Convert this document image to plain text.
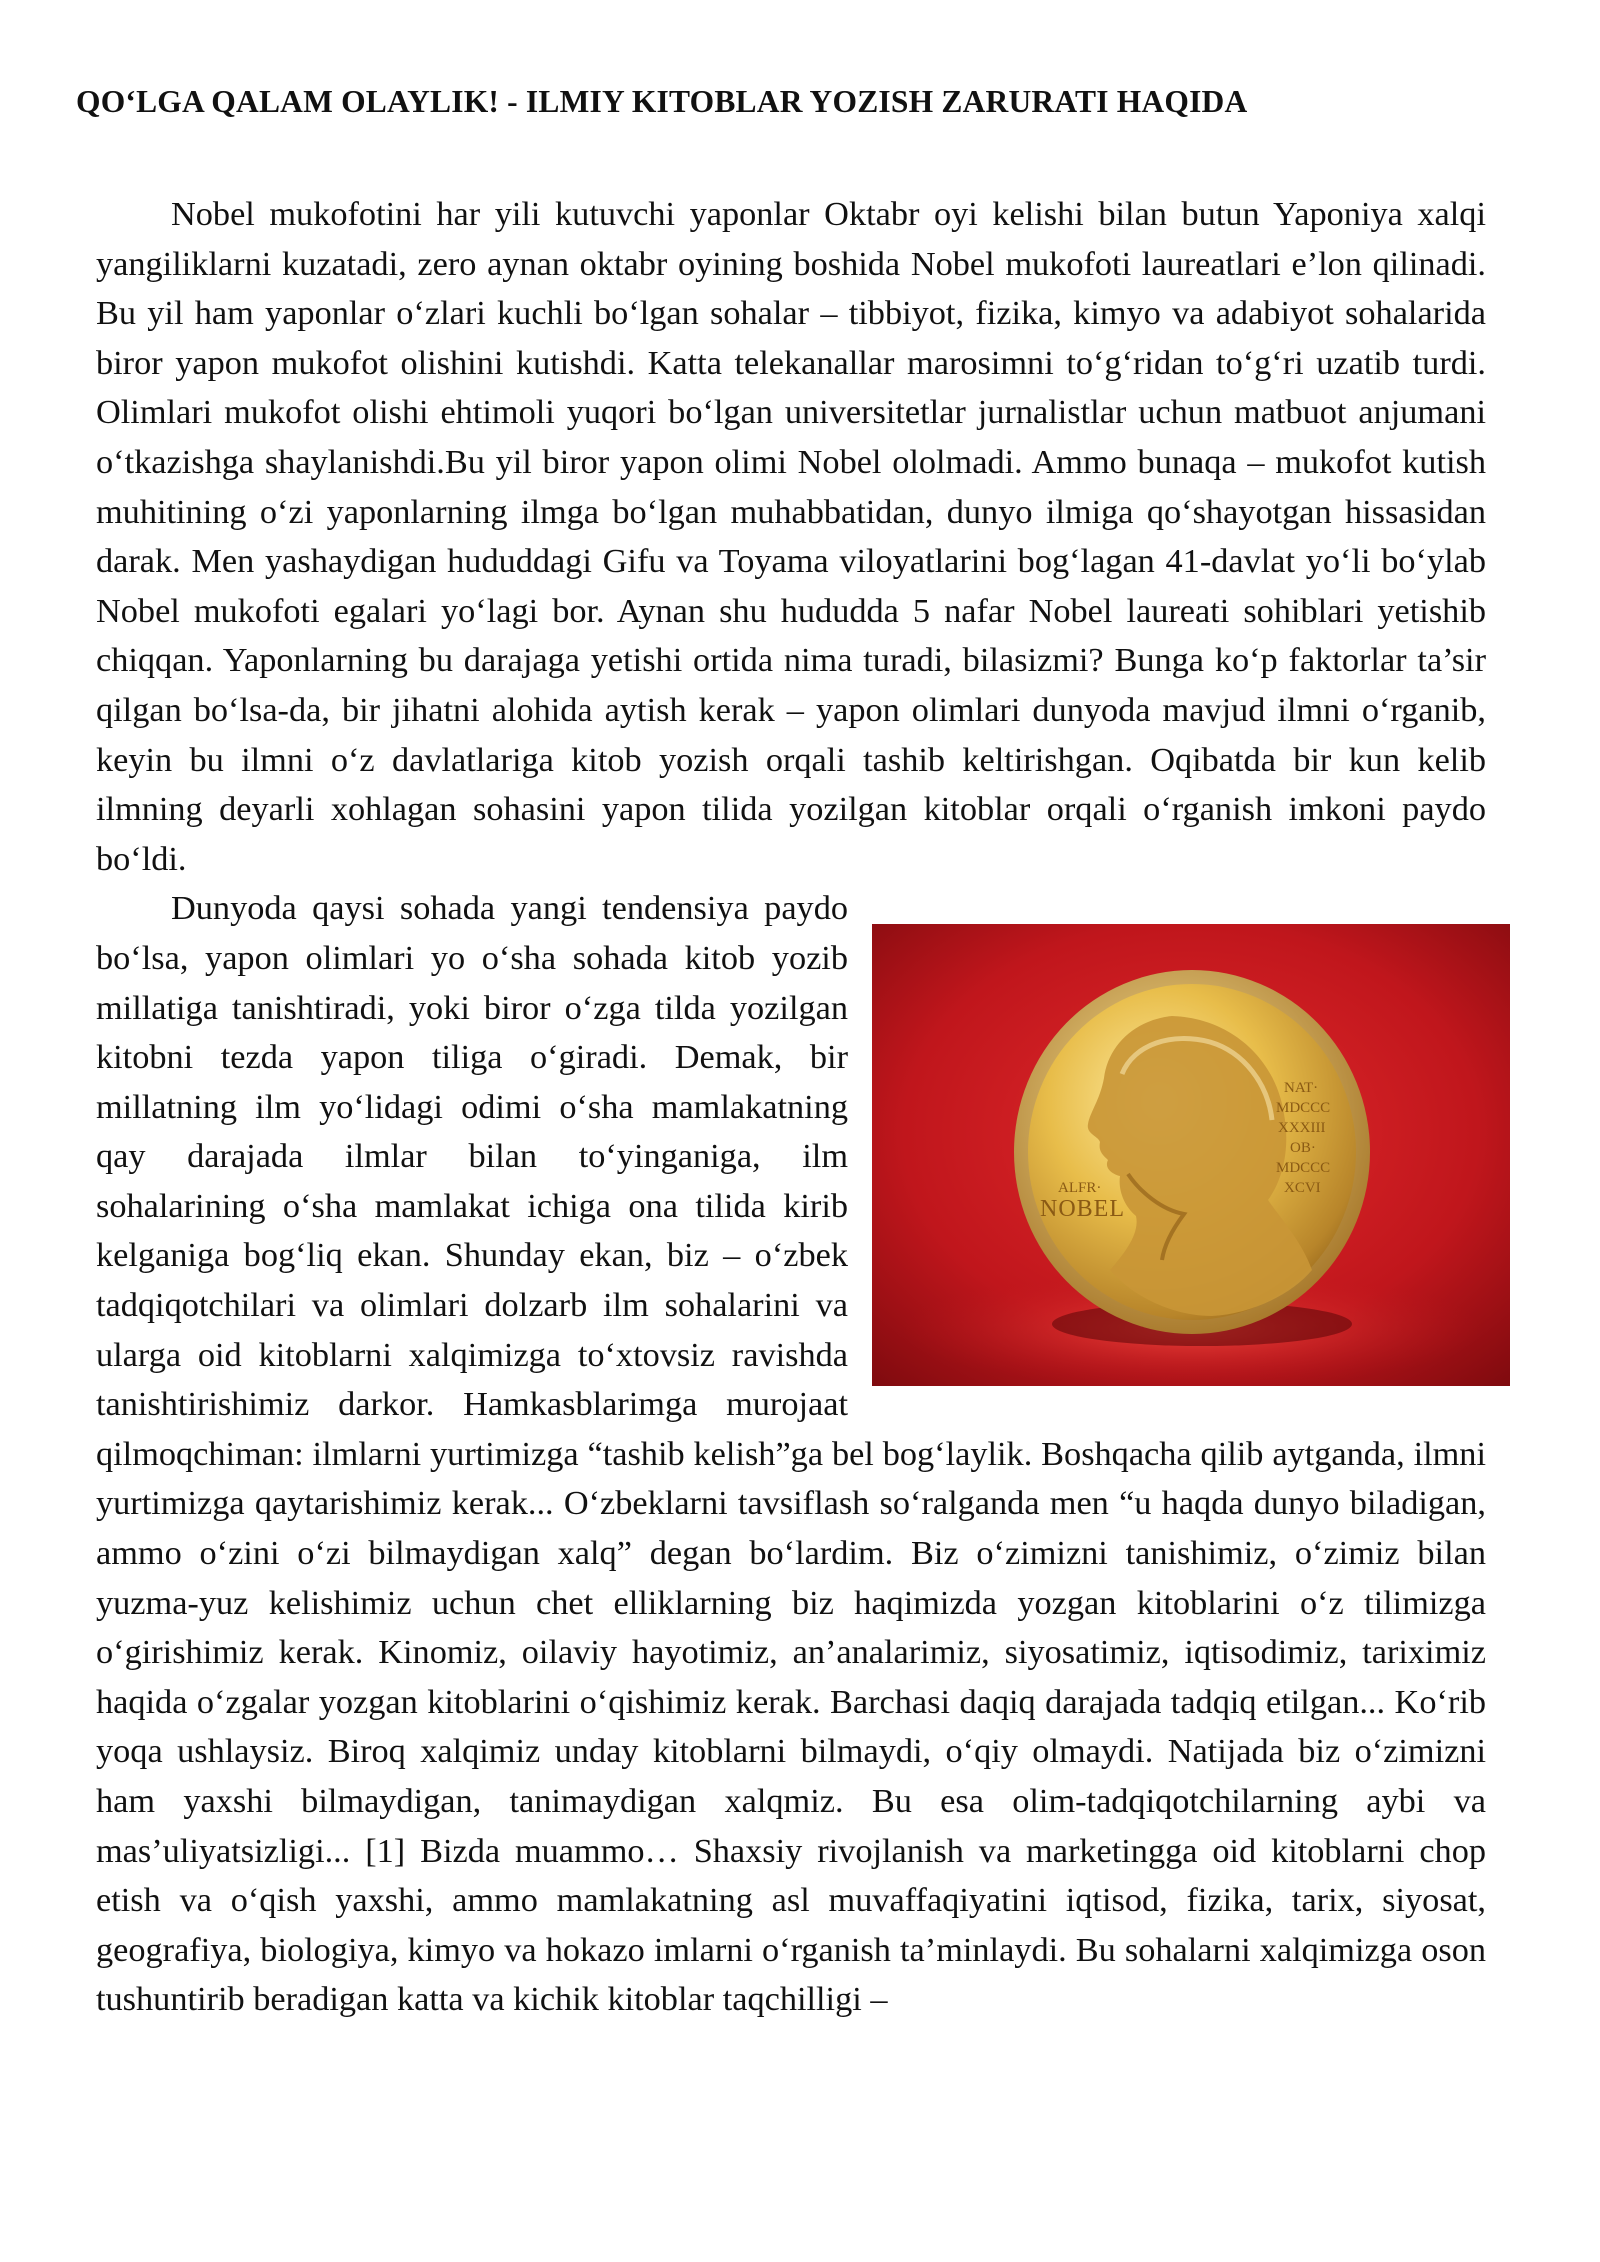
QO‘LGA QALAM OLAYLIK! - ILMIY KITOBLAR YOZISH ZARURATI HAQIDA

Nobel mukofotini har yili kutuvchi yaponlar Oktabr oyi kelishi bilan butun Yaponiya xalqi yangiliklarni kuzatadi, zero aynan oktabr oyining boshida Nobel mukofoti laureatlari e’lon qilinadi. Bu yil ham yaponlar o‘zlari kuchli bo‘lgan sohalar – tibbiyot, fizika, kimyo va adabiyot sohalarida biror yapon mukofot olishini kutishdi. Katta telekanallar marosimni to‘g‘ridan to‘g‘ri uzatib turdi. Olimlari mukofot olishi ehtimoli yuqori bo‘lgan universitetlar jurnalistlar uchun matbuot anjumani o‘tkazishga shaylanishdi.Bu yil biror yapon olimi Nobel ololmadi. Ammo bunaqa – mukofot kutish muhitining o‘zi yaponlarning ilmga bo‘lgan muhabbatidan, dunyo ilmiga qo‘shayotgan hissasidan darak. Men yashaydigan hududdagi Gifu va Toyama viloyatlarini bog‘lagan 41-davlat yo‘li bo‘ylab Nobel mukofoti egalari yo‘lagi bor. Aynan shu hududda 5 nafar Nobel laureati sohiblari yetishib chiqqan. Yaponlarning bu darajaga yetishi ortida nima turadi, bilasizmi? Bunga ko‘p faktorlar ta’sir qilgan bo‘lsa-da, bir jihatni alohida aytish kerak – yapon olimlari dunyoda mavjud ilmni o‘rganib, keyin bu ilmni o‘z davlatlariga kitob yozish orqali tashib keltirishgan. Oqibatda bir kun kelib ilmning deyarli xohlagan sohasini yapon tilida yozilgan kitoblar orqali o‘rganish imkoni paydo bo‘ldi.

ALFR·
NOBEL
NAT·
MDCCC
XXXIII
OB·
MDCCC
XCVI

Dunyoda qaysi sohada yangi tendensiya paydo bo‘lsa, yapon olimlari yo o‘sha sohada kitob yozib millatiga tanishtiradi, yoki biror o‘zga tilda yozilgan kitobni tezda yapon tiliga o‘giradi. Demak, bir millatning ilm yo‘lidagi odimi o‘sha mamlakatning qay darajada ilmlar bilan to‘yinganiga, ilm sohalarining o‘sha mamlakat ichiga ona tilida kirib kelganiga bog‘liq ekan. Shunday ekan, biz – o‘zbek tadqiqotchilari va olimlari dolzarb ilm sohalarini va ularga oid kitoblarni xalqimizga to‘xtovsiz ravishda tanishtirishimiz darkor. Hamkasblarimga murojaat qilmoqchiman: ilmlarni yurtimizga “tashib kelish”ga bel bog‘laylik. Boshqacha qilib aytganda, ilmni yurtimizga qaytarishimiz kerak... O‘zbeklarni tavsiflash so‘ralganda men “u haqda dunyo biladigan, ammo o‘zini o‘zi bilmaydigan xalq” degan bo‘lardim. Biz o‘zimizni tanishimiz, o‘zimiz bilan yuzma-yuz kelishimiz uchun chet elliklarning biz haqimizda yozgan kitoblarini o‘z tilimizga o‘girishimiz kerak. Kinomiz, oilaviy hayotimiz, an’analarimiz, siyosatimiz, iqtisodimiz, tariximiz haqida o‘zgalar yozgan kitoblarini o‘qishimiz kerak. Barchasi daqiq darajada tadqiq etilgan... Ko‘rib yoqa ushlaysiz. Biroq xalqimiz unday kitoblarni bilmaydi, o‘qiy olmaydi. Natijada biz o‘zimizni ham yaxshi bilmaydigan, tanimaydigan xalqmiz. Bu esa olim-tadqiqotchilarning aybi va mas’uliyatsizligi... [1] Bizda muammo… Shaxsiy rivojlanish va marketingga oid kitoblarni chop etish va o‘qish yaxshi, ammo mamlakatning asl muvaffaqiyatini iqtisod, fizika, tarix, siyosat, geografiya, biologiya, kimyo va hokazo imlarni o‘rganish ta’minlaydi. Bu sohalarni xalqimizga oson tushuntirib beradigan katta va kichik kitoblar taqchilligi –
